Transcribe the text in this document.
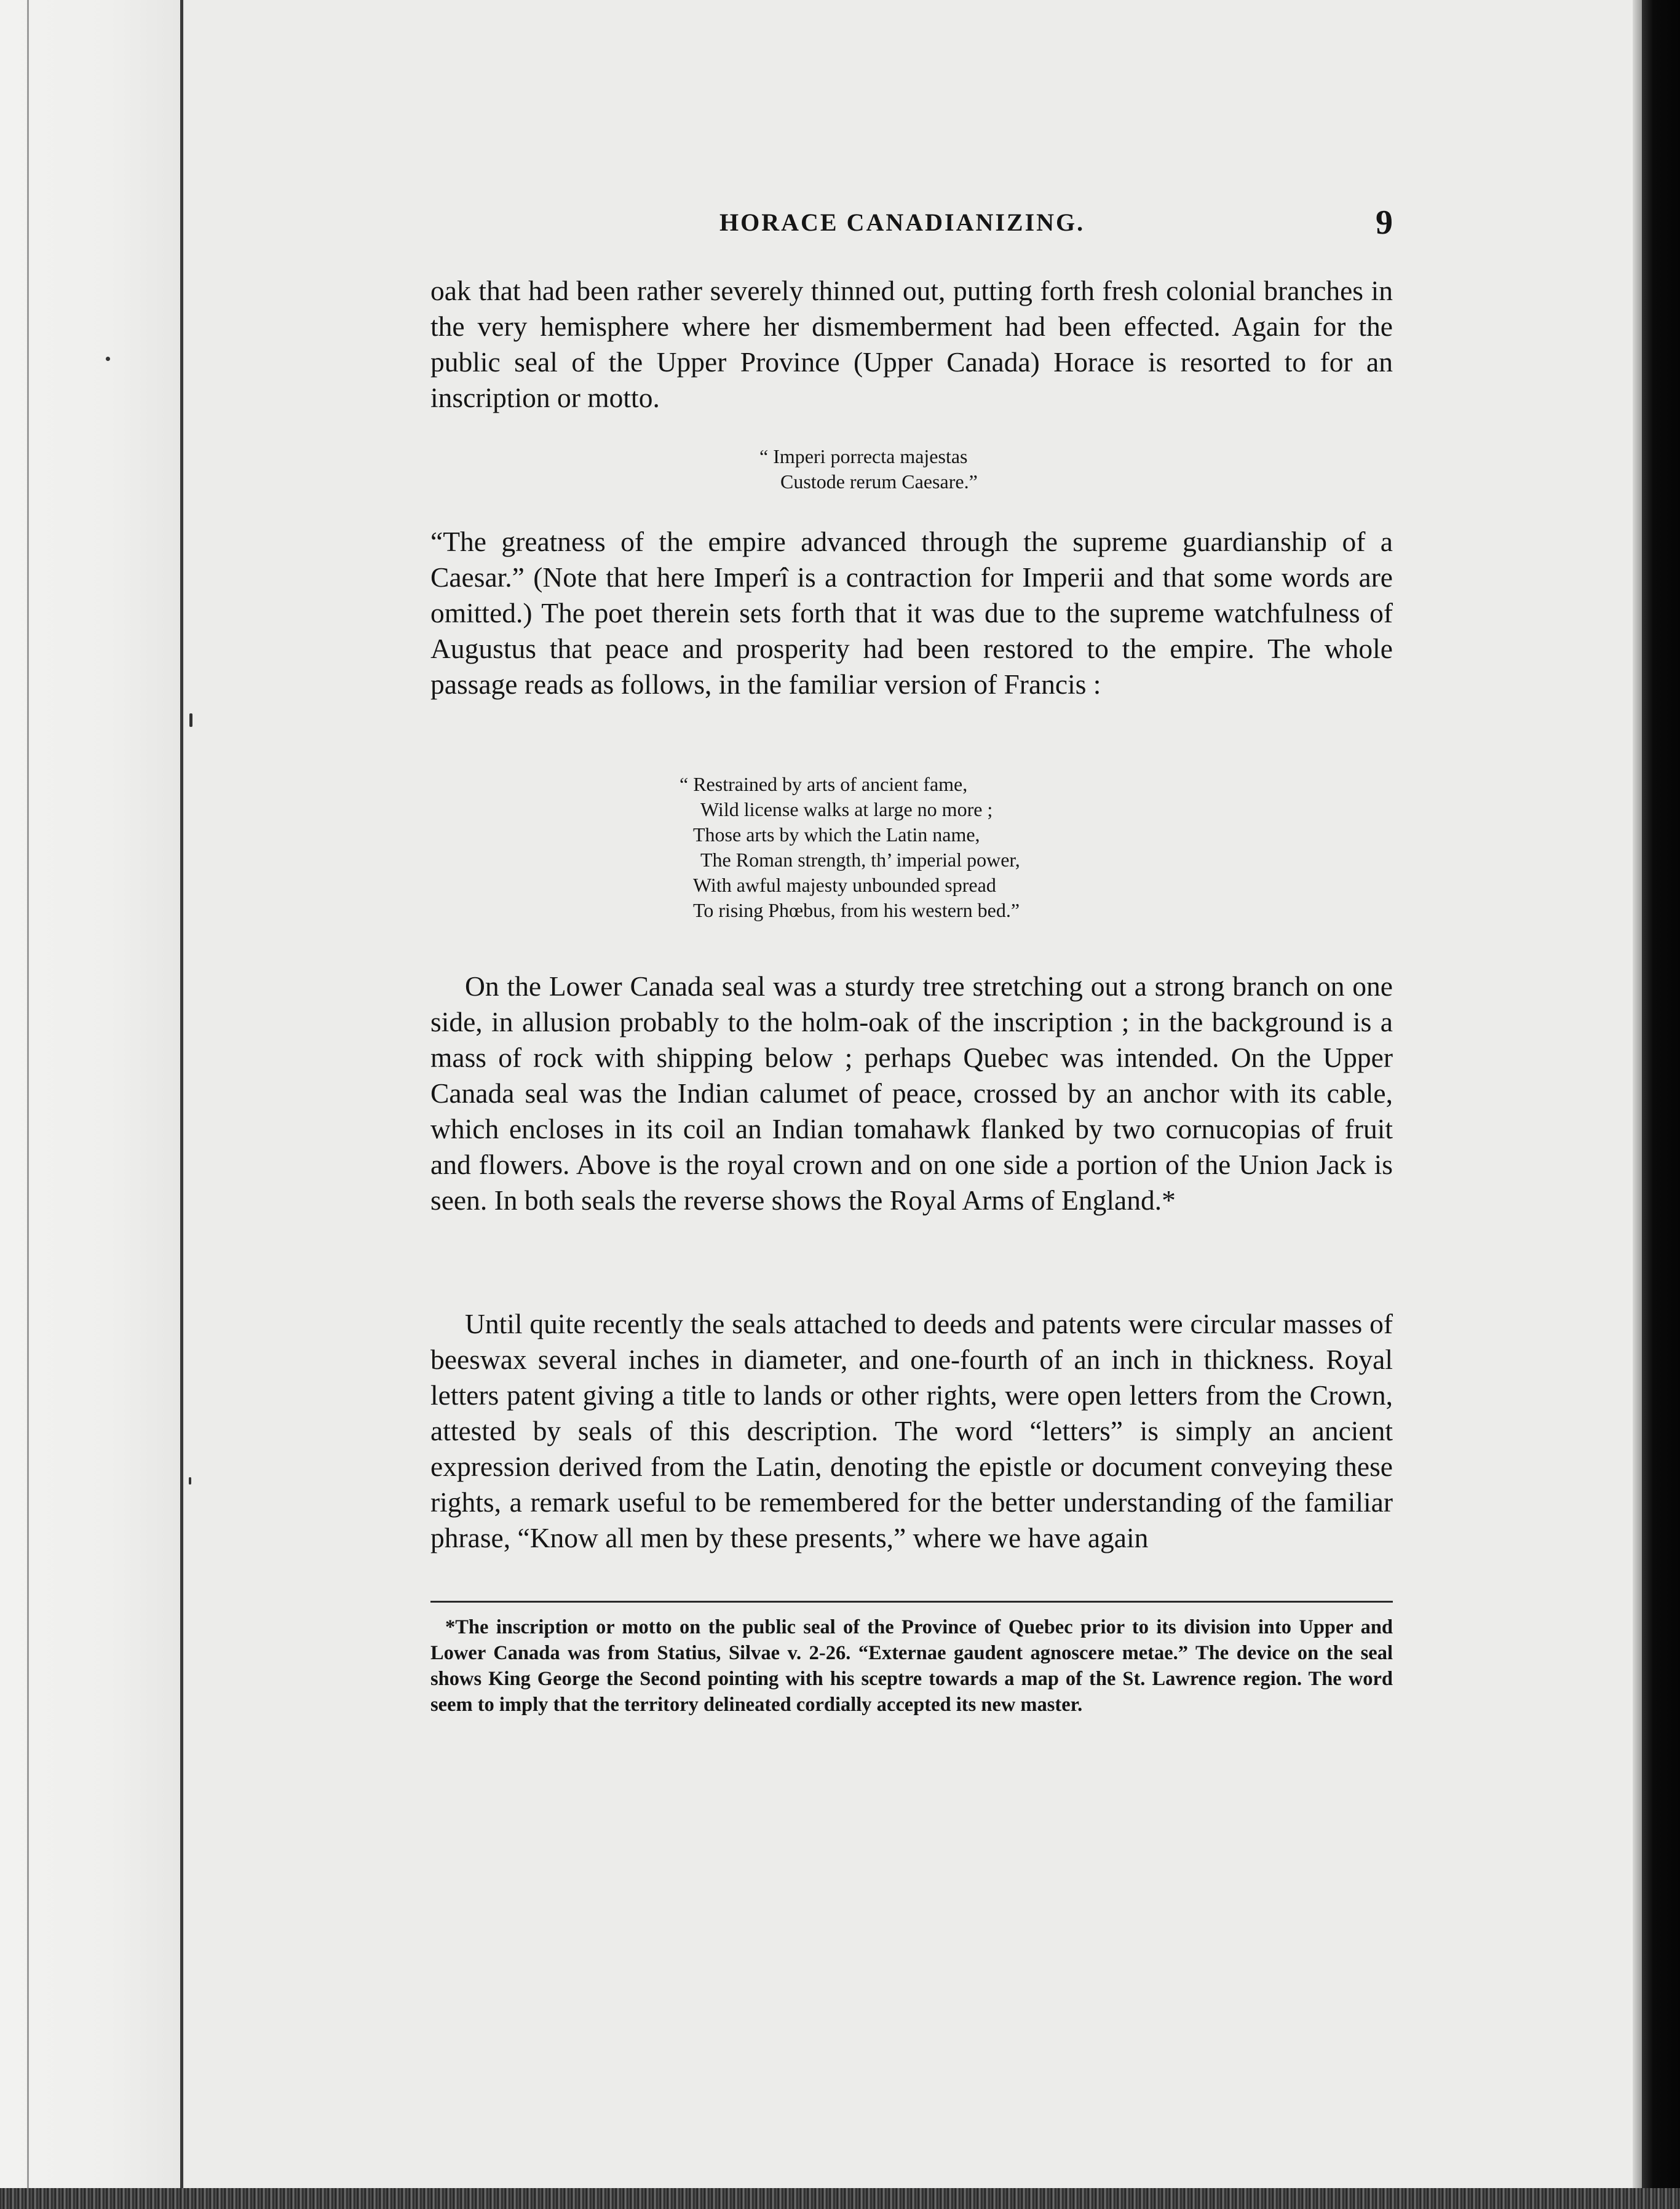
HORACE CANADIANIZING.	9

oak that had been rather severely thinned out, putting forth fresh colonial branches in the very hemisphere where her dismemberment had been effected. Again for the public seal of the Upper Province (Upper Canada) Horace is resorted to for an inscription or motto.

“ Imperi porrecta majestas
Custode rerum Caesare.”

“The greatness of the empire advanced through the supreme guardianship of a Caesar.” (Note that here Imperî is a contraction for Imperii and that some words are omitted.) The poet therein sets forth that it was due to the supreme watchfulness of Augustus that peace and prosperity had been restored to the empire. The whole passage reads as follows, in the familiar version of Francis :

“ Restrained by arts of ancient fame,
Wild license walks at large no more ;
Those arts by which the Latin name,
The Roman strength, th’ imperial power,
With awful majesty unbounded spread
To rising Phœbus, from his western bed.”

On the Lower Canada seal was a sturdy tree stretching out a strong branch on one side, in allusion probably to the holm-oak of the inscription ; in the background is a mass of rock with shipping below ; perhaps Quebec was intended. On the Upper Canada seal was the Indian calumet of peace, crossed by an anchor with its cable, which encloses in its coil an Indian tomahawk flanked by two cornucopias of fruit and flowers. Above is the royal crown and on one side a portion of the Union Jack is seen. In both seals the reverse shows the Royal Arms of England.*

Until quite recently the seals attached to deeds and patents were circular masses of beeswax several inches in diameter, and one-fourth of an inch in thickness. Royal letters patent giving a title to lands or other rights, were open letters from the Crown, attested by seals of this description. The word “letters” is simply an ancient expression derived from the Latin, denoting the epistle or document conveying these rights, a remark useful to be remembered for the better understanding of the familiar phrase, “Know all men by these presents,” where we have again

*The inscription or motto on the public seal of the Province of Quebec prior to its division into Upper and Lower Canada was from Statius, Silvae v. 2-26. “Externae gaudent agnoscere metae.” The device on the seal shows King George the Second pointing with his sceptre towards a map of the St. Lawrence region. The word seem to imply that the territory delineated cordially accepted its new master.
